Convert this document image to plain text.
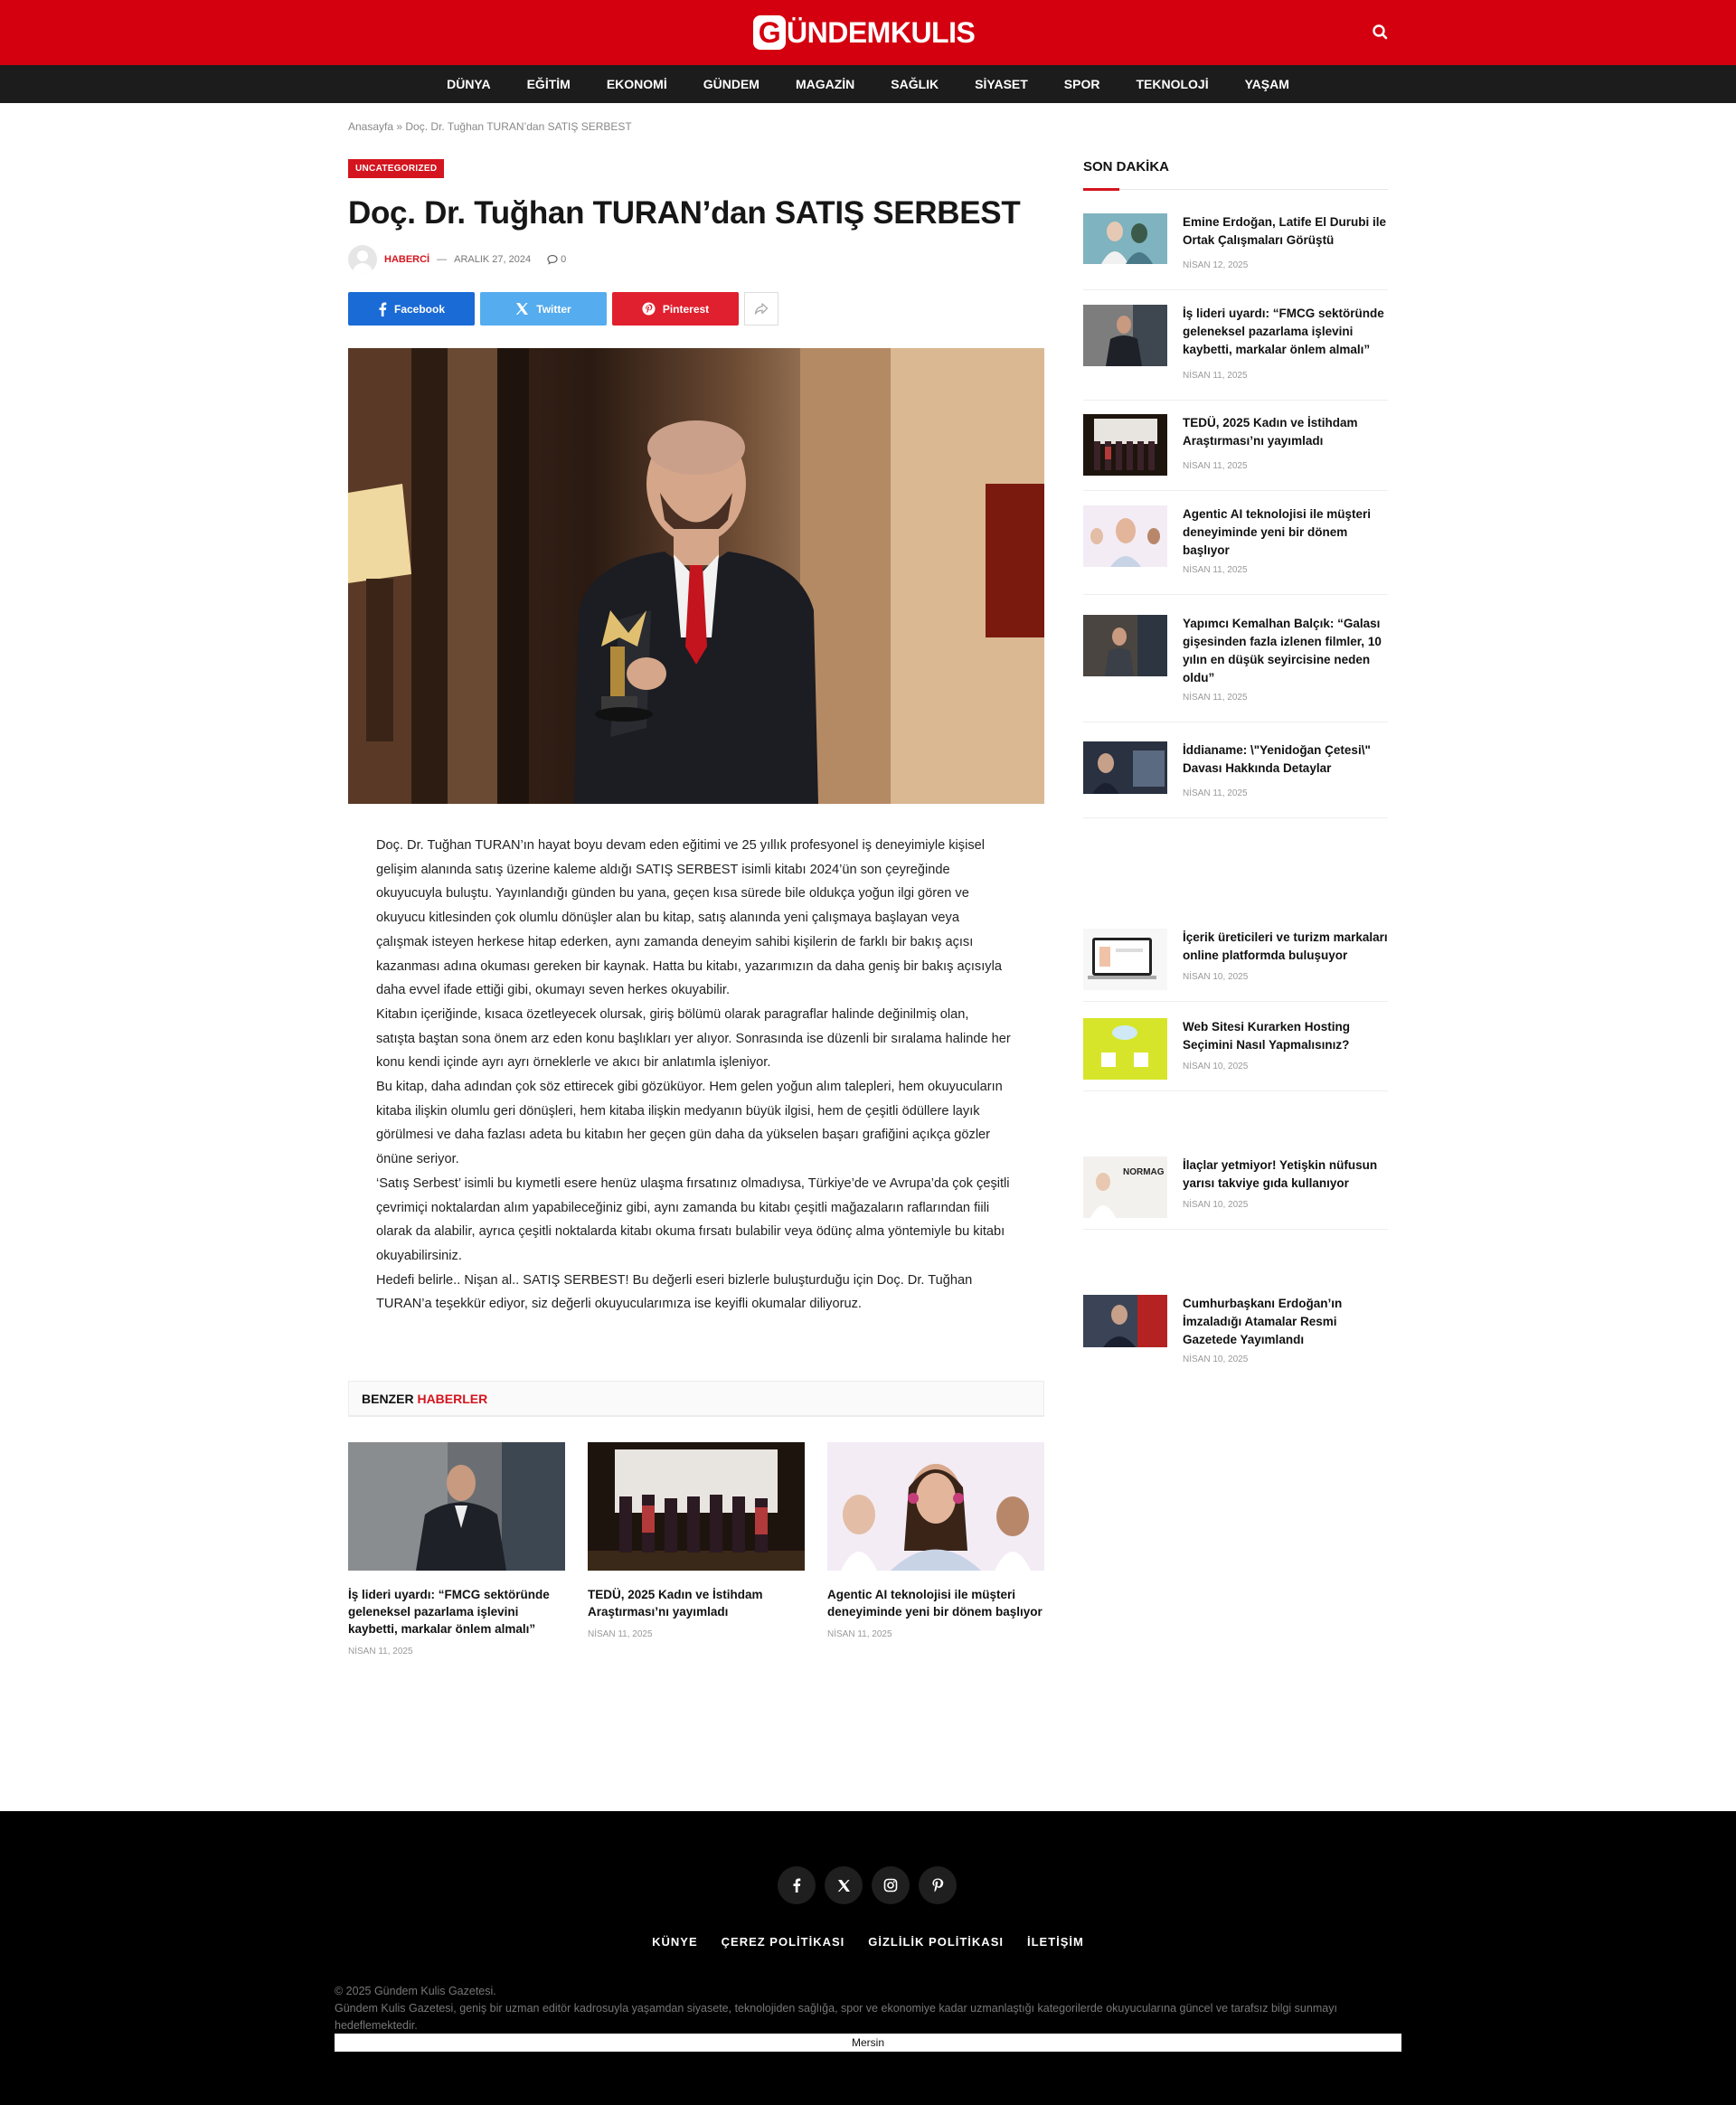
G ÜNDEMKULIS
DÜNYA	EĞİTİM	EKONOMİ	GÜNDEM	MAGAZİN	SAĞLIK	SİYASET	SPOR	TEKNOLOJİ	YAŞAM
Anasayfa » Doç. Dr. Tuğhan TURAN’dan SATIŞ SERBEST
UNCATEGORIZED
Doç. Dr. Tuğhan TURAN’dan SATIŞ SERBEST
HABERCİ — ARALIK 27, 2024	0
Facebook	Twitter	Pinterest

Doç. Dr. Tuğhan TURAN’ın hayat boyu devam eden eğitimi ve 25 yıllık profesyonel iş deneyimiyle kişisel gelişim alanında satış üzerine kaleme aldığı SATIŞ SERBEST isimli kitabı 2024’ün son çeyreğinde okuyucuyla buluştu. Yayınlandığı günden bu yana, geçen kısa sürede bile oldukça yoğun ilgi gören ve okuyucu kitlesinden çok olumlu dönüşler alan bu kitap, satış alanında yeni çalışmaya başlayan veya çalışmak isteyen herkese hitap ederken, aynı zamanda deneyim sahibi kişilerin de farklı bir bakış açısı kazanması adına okuması gereken bir kaynak. Hatta bu kitabı, yazarımızın da daha geniş bir bakış açısıyla daha evvel ifade ettiği gibi, okumayı seven herkes okuyabilir.

Kitabın içeriğinde, kısaca özetleyecek olursak, giriş bölümü olarak paragraflar halinde değinilmiş olan, satışta baştan sona önem arz eden konu başlıkları yer alıyor. Sonrasında ise düzenli bir sıralama halinde her konu kendi içinde ayrı ayrı örneklerle ve akıcı bir anlatımla işleniyor.

Bu kitap, daha adından çok söz ettirecek gibi gözüküyor. Hem gelen yoğun alım talepleri, hem okuyucuların kitaba ilişkin olumlu geri dönüşleri, hem kitaba ilişkin medyanın büyük ilgisi, hem de çeşitli ödüllere layık görülmesi ve daha fazlası adeta bu kitabın her geçen gün daha da yükselen başarı grafiğini açıkça gözler önüne seriyor.

‘Satış Serbest’ isimli bu kıymetli esere henüz ulaşma fırsatınız olmadıysa, Türkiye’de ve Avrupa’da çok çeşitli çevrimiçi noktalardan alım yapabileceğiniz gibi, aynı zamanda bu kitabı çeşitli mağazaların raflarından fiili olarak da alabilir, ayrıca çeşitli noktalarda kitabı okuma fırsatı bulabilir veya ödünç alma yöntemiyle bu kitabı okuyabilirsiniz.

Hedefi belirle.. Nişan al.. SATIŞ SERBEST! Bu değerli eseri bizlerle buluşturduğu için Doç. Dr. Tuğhan TURAN’a teşekkür ediyor, siz değerli okuyucularımıza ise keyifli okumalar diliyoruz.

BENZER HABERLER
İş lideri uyardı: “FMCG sektöründe geleneksel pazarlama işlevini kaybetti, markalar önlem almalı”
NİSAN 11, 2025
TEDÜ, 2025 Kadın ve İstihdam Araştırması’nı yayımladı
NİSAN 11, 2025
Agentic AI teknolojisi ile müşteri deneyiminde yeni bir dönem başlıyor
NİSAN 11, 2025
SON DAKİKA
Emine Erdoğan, Latife El Durubi ile Ortak Çalışmaları Görüştü
NİSAN 12, 2025
İş lideri uyardı: “FMCG sektöründe geleneksel pazarlama işlevini kaybetti, markalar önlem almalı”
NİSAN 11, 2025
TEDÜ, 2025 Kadın ve İstihdam Araştırması’nı yayımladı
NİSAN 11, 2025
Agentic AI teknolojisi ile müşteri deneyiminde yeni bir dönem başlıyor
NİSAN 11, 2025
Yapımcı Kemalhan Balçık: “Galası gişesinden fazla izlenen filmler, 10 yılın en düşük seyircisine neden oldu”
NİSAN 11, 2025
İddianame: \"Yenidoğan Çetesi\" Davası Hakkında Detaylar
NİSAN 11, 2025
İçerik üreticileri ve turizm markaları online platformda buluşuyor
NİSAN 10, 2025
Web Sitesi Kurarken Hosting Seçimini Nasıl Yapmalısınız?
NİSAN 10, 2025
NORMAG
İlaçlar yetmiyor! Yetişkin nüfusun yarısı takviye gıda kullanıyor
NİSAN 10, 2025
Cumhurbaşkanı Erdoğan’ın İmzaladığı Atamalar Resmi Gazetede Yayımlandı
NİSAN 10, 2025
KÜNYE ÇEREZ POLİTİKASI GİZLİLİK POLİTİKASI İLETİŞİM
© 2025 Gündem Kulis Gazetesi.
Gündem Kulis Gazetesi, geniş bir uzman editör kadrosuyla yaşamdan siyasete, teknolojiden sağlığa, spor ve ekonomiye kadar uzmanlaştığı kategorilerde okuyucularına güncel ve tarafsız bilgi sunmayı hedeflemektedir.
Mersin
